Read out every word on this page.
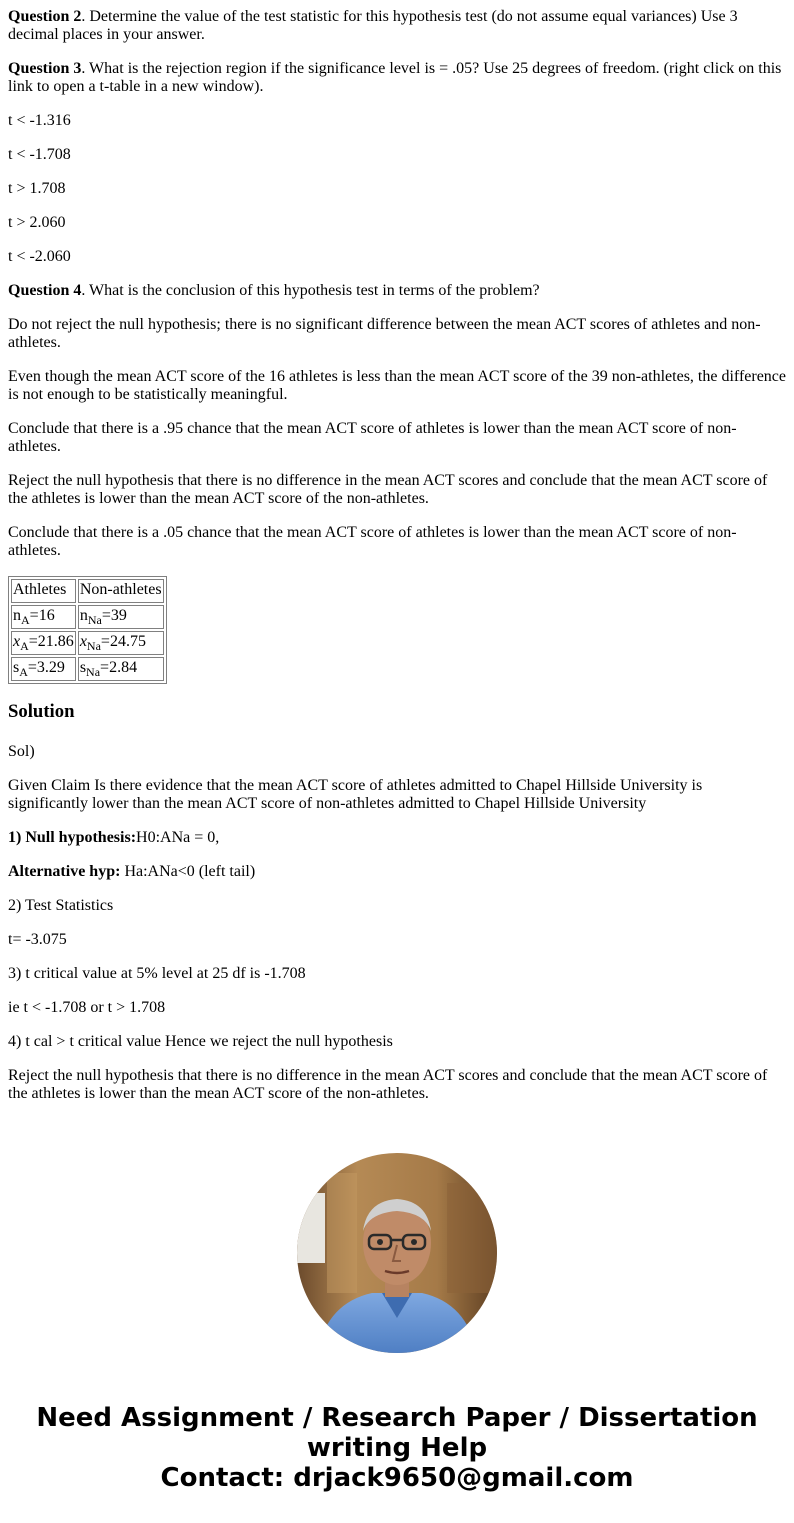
Question 2. Determine the value of the test statistic for this hypothesis test (do not assume equal variances) Use 3 decimal places in your answer.

Question 3. What is the rejection region if the significance level is = .05? Use 25 degrees of freedom. (right click on this link to open a t-table in a new window).

t < -1.316

t < -1.708

t > 1.708

t > 2.060

t < -2.060

Question 4. What is the conclusion of this hypothesis test in terms of the problem?

Do not reject the null hypothesis; there is no significant difference between the mean ACT scores of athletes and non-athletes.

Even though the mean ACT score of the 16 athletes is less than the mean ACT score of the 39 non-athletes, the difference is not enough to be statistically meaningful.

Conclude that there is a .95 chance that the mean ACT score of athletes is lower than the mean ACT score of non-athletes.

Reject the null hypothesis that there is no difference in the mean ACT scores and conclude that the mean ACT score of the athletes is lower than the mean ACT score of the non-athletes.

Conclude that there is a .05 chance that the mean ACT score of athletes is lower than the mean ACT score of non-athletes.

Athletes	Non-athletes
$n_A=16$	$n_{Na}=39$
$x_A=21.86$	$x_{Na}=24.75$
$s_A=3.29$	$s_{Na}=2.84$
Solution

Sol)

Given Claim Is there evidence that the mean ACT score of athletes admitted to Chapel Hillside University is significantly lower than the mean ACT score of non-athletes admitted to Chapel Hillside University

1) Null hypothesis:H0:ANa = 0,

Alternative hyp: Ha:ANa<0 (left tail)

2) Test Statistics

t= -3.075

3) t critical value at 5% level at 25 df is -1.708

ie t < -1.708 or t > 1.708

4) t cal > t critical value Hence we reject the null hypothesis

Reject the null hypothesis that there is no difference in the mean ACT scores and conclude that the mean ACT score of the athletes is lower than the mean ACT score of the non-athletes.

Need Assignment / Research Paper / Dissertation
writing Help
Contact: drjack9650@gmail.com
